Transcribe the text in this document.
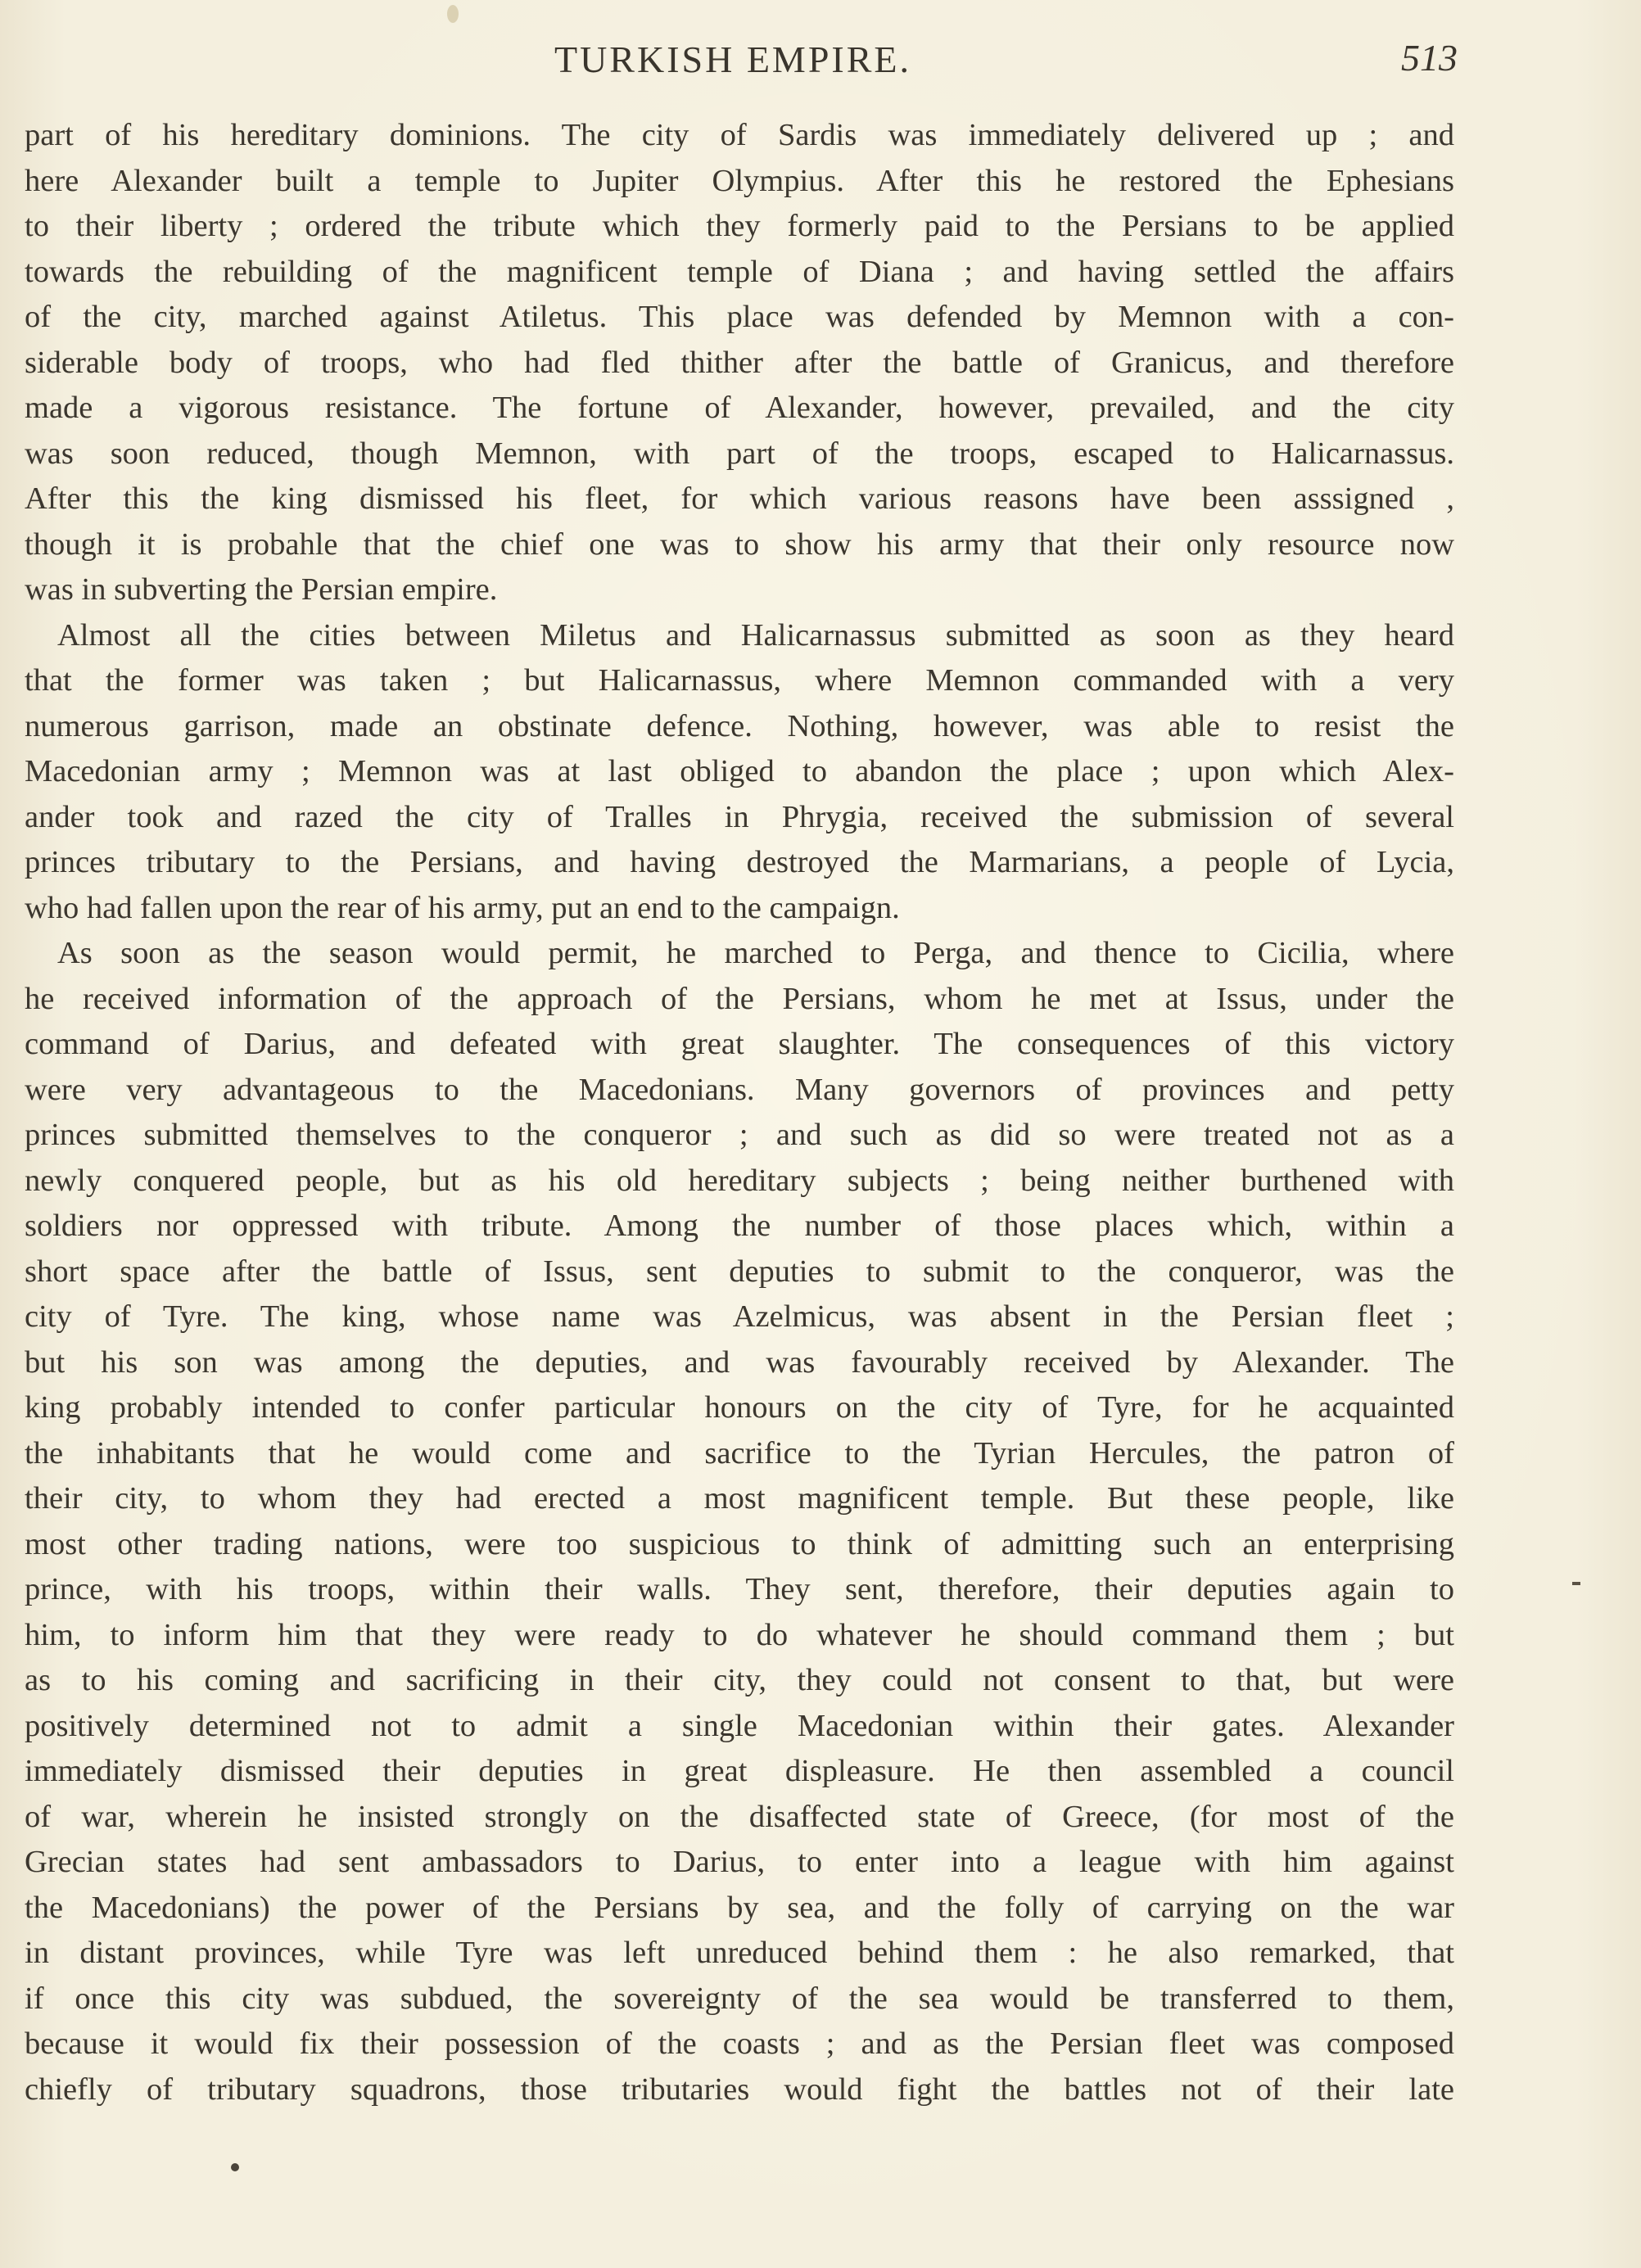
TURKISH EMPIRE.	513
part of his hereditary dominions. The city of Sardis was immediately delivered up ; and
here Alexander built a temple to Jupiter Olympius. After this he restored the Ephesians
to their liberty ; ordered the tribute which they formerly paid to the Persians to be applied
towards the rebuilding of the magnificent temple of Diana ; and having settled the affairs
of the city, marched against Atiletus. This place was defended by Memnon with a con-
siderable body of troops, who had fled thither after the battle of Granicus, and therefore
made a vigorous resistance. The fortune of Alexander, however, prevailed, and the city
was soon reduced, though Memnon, with part of the troops, escaped to Halicarnassus.
After this the king dismissed his fleet, for which various reasons have been asssigned ,
though it is probahle that the chief one was to show his army that their only resource now
was in subverting the Persian empire.
Almost all the cities between Miletus and Halicarnassus submitted as soon as they heard
that the former was taken ; but Halicarnassus, where Memnon commanded with a very
numerous garrison, made an obstinate defence. Nothing, however, was able to resist the
Macedonian army ; Memnon was at last obliged to abandon the place ; upon which Alex-
ander took and razed the city of Tralles in Phrygia, received the submission of several
princes tributary to the Persians, and having destroyed the Marmarians, a people of Lycia,
who had fallen upon the rear of his army, put an end to the campaign.
As soon as the season would permit, he marched to Perga, and thence to Cicilia, where
he received information of the approach of the Persians, whom he met at Issus, under the
command of Darius, and defeated with great slaughter. The consequences of this victory
were very advantageous to the Macedonians. Many governors of provinces and petty
princes submitted themselves to the conqueror ; and such as did so were treated not as a
newly conquered people, but as his old hereditary subjects ; being neither burthened with
soldiers nor oppressed with tribute. Among the number of those places which, within a
short space after the battle of Issus, sent deputies to submit to the conqueror, was the
city of Tyre. The king, whose name was Azelmicus, was absent in the Persian fleet ;
but his son was among the deputies, and was favourably received by Alexander. The
king probably intended to confer particular honours on the city of Tyre, for he acquainted
the inhabitants that he would come and sacrifice to the Tyrian Hercules, the patron of
their city, to whom they had erected a most magnificent temple. But these people, like
most other trading nations, were too suspicious to think of admitting such an enterprising
prince, with his troops, within their walls. They sent, therefore, their deputies again to
him, to inform him that they were ready to do whatever he should command them ; but
as to his coming and sacrificing in their city, they could not consent to that, but were
positively determined not to admit a single Macedonian within their gates. Alexander
immediately dismissed their deputies in great displeasure. He then assembled a council
of war, wherein he insisted strongly on the disaffected state of Greece, (for most of the
Grecian states had sent ambassadors to Darius, to enter into a league with him against
the Macedonians) the power of the Persians by sea, and the folly of carrying on the war
in distant provinces, while Tyre was left unreduced behind them : he also remarked, that
if once this city was subdued, the sovereignty of the sea would be transferred to them,
because it would fix their possession of the coasts ; and as the Persian fleet was composed
chiefly of tributary squadrons, those tributaries would fight the battles not of their late
